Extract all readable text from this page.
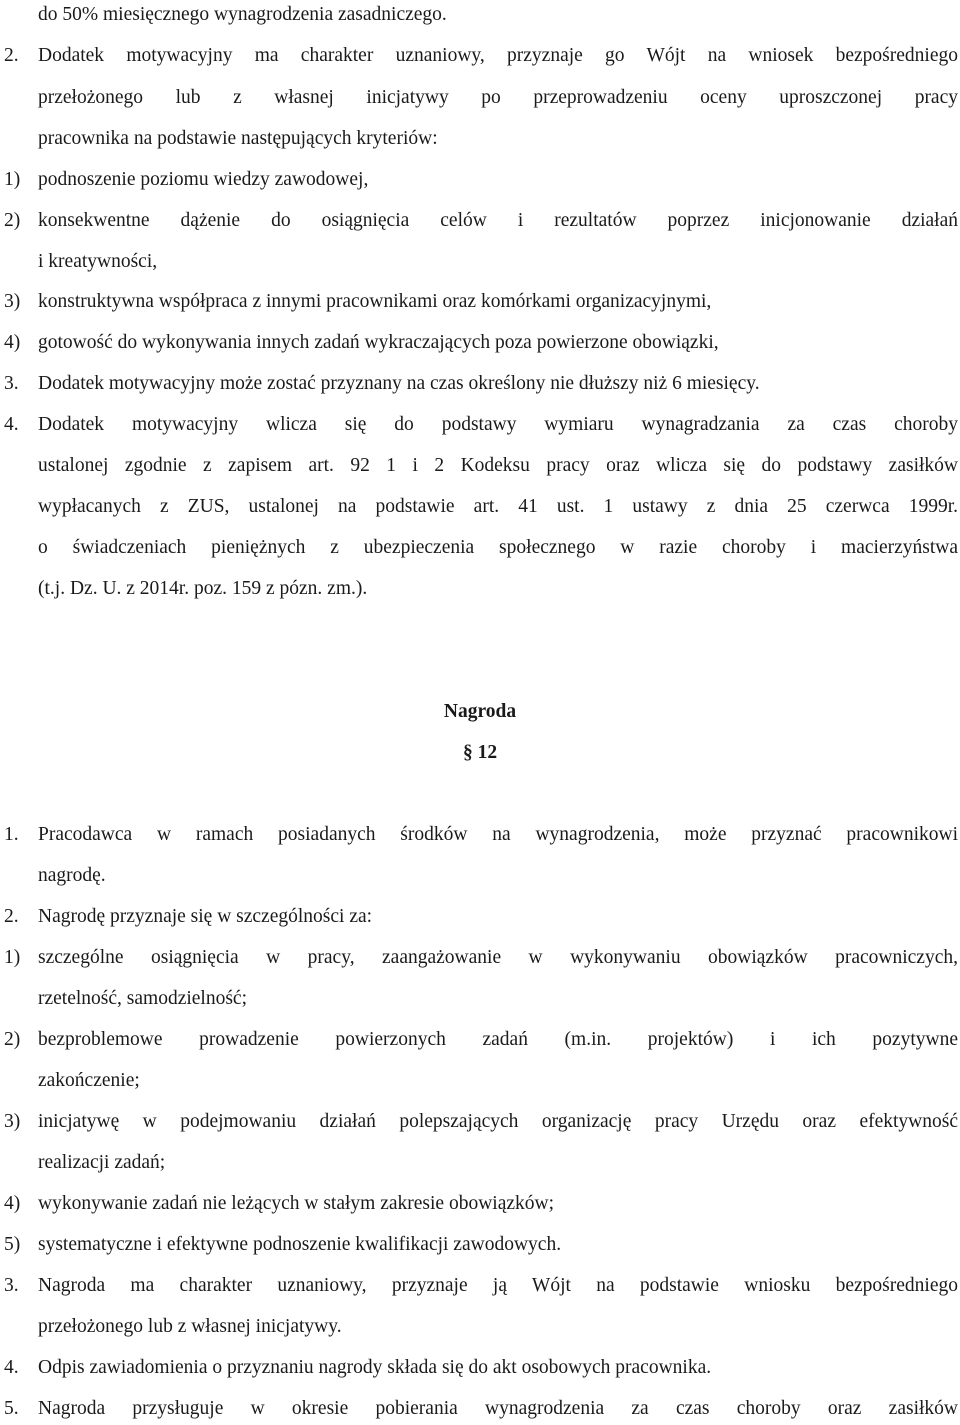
do 50% miesięcznego wynagrodzenia zasadniczego.
2. Dodatek motywacyjny ma charakter uznaniowy, przyznaje go Wójt na wniosek bezpośredniego
przełożonego lub z własnej inicjatywy po przeprowadzeniu oceny uproszczonej pracy
pracownika na podstawie następujących kryteriów:
1) podnoszenie poziomu wiedzy zawodowej,
2) konsekwentne dążenie do osiągnięcia celów i rezultatów poprzez inicjonowanie działań
i kreatywności,
3) konstruktywna współpraca z innymi pracownikami oraz komórkami organizacyjnymi,
4) gotowość do wykonywania innych zadań wykraczających poza powierzone obowiązki,
3. Dodatek motywacyjny może zostać przyznany na czas określony nie dłuższy niż 6 miesięcy.
4. Dodatek motywacyjny wlicza się do podstawy wymiaru wynagradzania za czas choroby
ustalonej zgodnie z zapisem art. 92 1 i 2 Kodeksu pracy oraz wlicza się do podstawy zasiłków
wypłacanych z ZUS, ustalonej na podstawie art. 41 ust. 1 ustawy z dnia 25 czerwca 1999r.
o świadczeniach pieniężnych z ubezpieczenia społecznego w razie choroby i macierzyństwa
(t.j. Dz. U. z 2014r. poz. 159 z pózn. zm.).
Nagroda
§ 12
1. Pracodawca w ramach posiadanych środków na wynagrodzenia, może przyznać pracownikowi
nagrodę.
2. Nagrodę przyznaje się w szczególności za:
1) szczególne osiągnięcia w pracy, zaangażowanie w wykonywaniu obowiązków pracowniczych,
rzetelność, samodzielność;
2) bezproblemowe prowadzenie powierzonych zadań (m.in. projektów) i ich pozytywne
zakończenie;
3) inicjatywę w podejmowaniu działań polepszających organizację pracy Urzędu oraz efektywność
realizacji zadań;
4) wykonywanie zadań nie leżących w stałym zakresie obowiązków;
5) systematyczne i efektywne podnoszenie kwalifikacji zawodowych.
3. Nagroda ma charakter uznaniowy, przyznaje ją Wójt na podstawie wniosku bezpośredniego
przełożonego lub z własnej inicjatywy.
4. Odpis zawiadomienia o przyznaniu nagrody składa się do akt osobowych pracownika.
5. Nagroda przysługuje w okresie pobierania wynagrodzenia za czas choroby oraz zasiłków
